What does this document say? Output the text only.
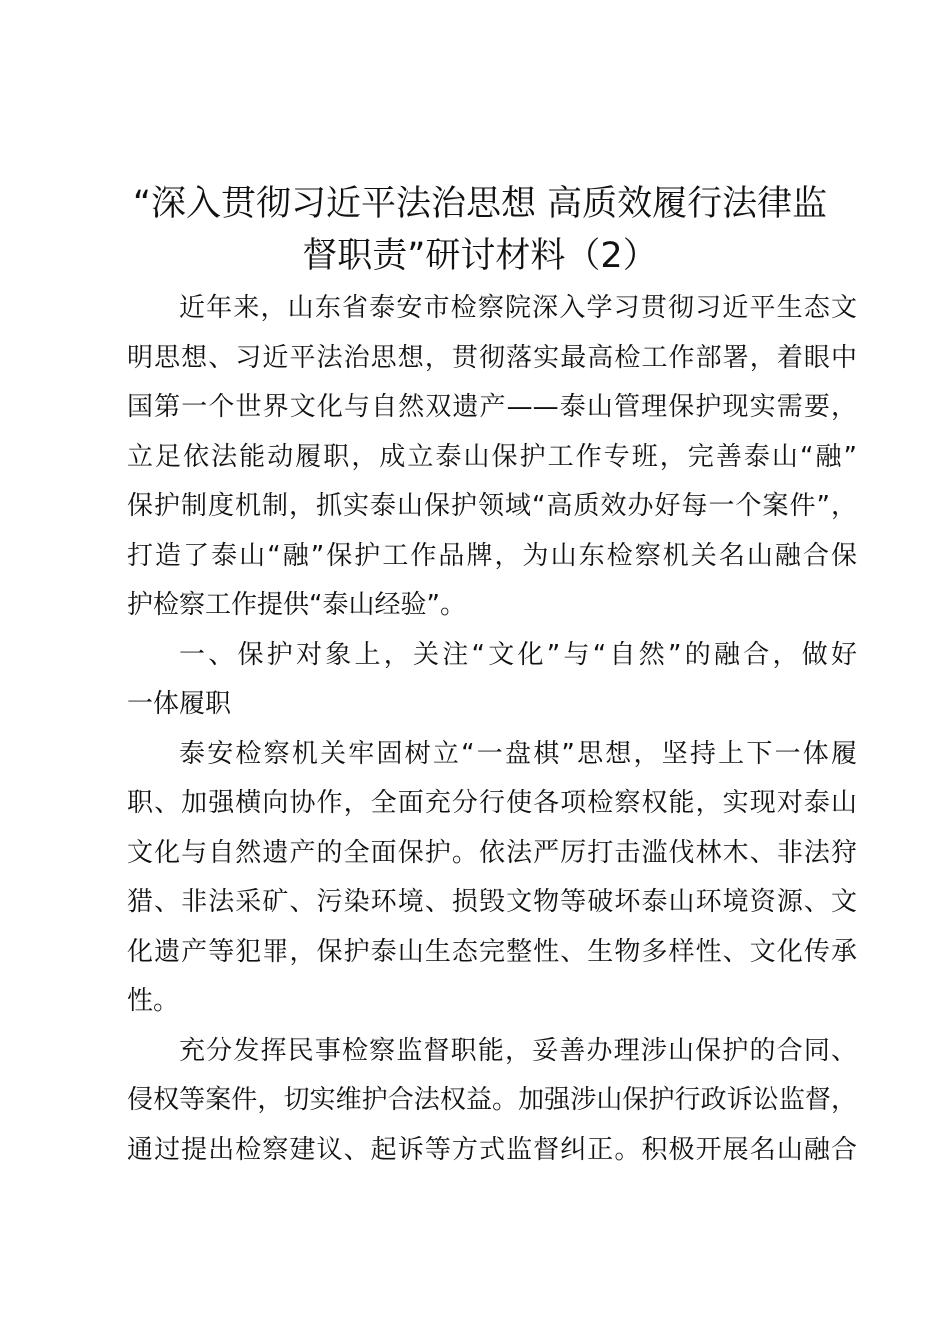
“深入贯彻习近平法治思想 高质效履行法律监
督职责”研讨材料（2）
近年来，山东省泰安市检察院深入学习贯彻习近平生态文
明思想、习近平法治思想，贯彻落实最高检工作部署，着眼中
国第一个世界文化与自然双遗产——泰山管理保护现实需要，
立足依法能动履职，成立泰山保护工作专班，完善泰山“融”
保护制度机制，抓实泰山保护领域“高质效办好每一个案件”，
打造了泰山“融”保护工作品牌，为山东检察机关名山融合保
护检察工作提供“泰山经验”。
一、保护对象上，关注“文化”与“自然”的融合，做好
一体履职
泰安检察机关牢固树立“一盘棋”思想，坚持上下一体履
职、加强横向协作，全面充分行使各项检察权能，实现对泰山
文化与自然遗产的全面保护。依法严厉打击滥伐林木、非法狩
猎、非法采矿、污染环境、损毁文物等破坏泰山环境资源、文
化遗产等犯罪，保护泰山生态完整性、生物多样性、文化传承
性。
充分发挥民事检察监督职能，妥善办理涉山保护的合同、
侵权等案件，切实维护合法权益。加强涉山保护行政诉讼监督，
通过提出检察建议、起诉等方式监督纠正。积极开展名山融合
